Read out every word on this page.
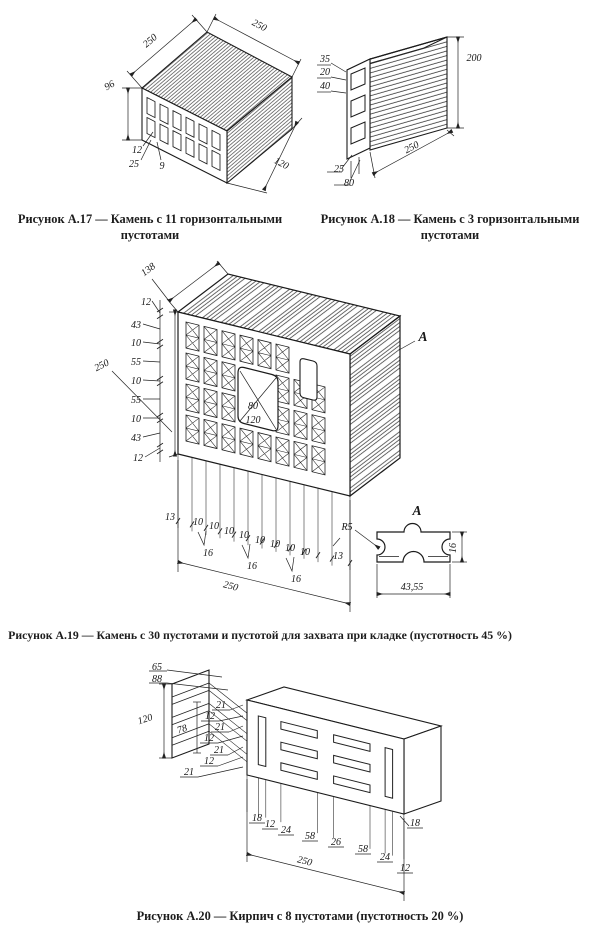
250
250
96
12
25 9	120
35
20
40
200
250
25
80
138
12
43
10
55
10
55
10
43
12
250
80
120
13 10 10 10 10 10 10 10 10 13
16
16
16
250
A
A
R5
43,55
16
65
88
120
78
21
12
21
12
21
12
21
18
12
24
58
26
58
24
12
18
250
Рисунок А.17 — Камень с 11 горизонтальными
пустотами
Рисунок А.18 — Камень с 3 горизонтальными
пустотами
Рисунок А.19 — Камень с 30 пустотами и пустотой для захвата при кладке (пустотность 45 %)
Рисунок А.20 — Кирпич с 8 пустотами (пустотность 20 %)
